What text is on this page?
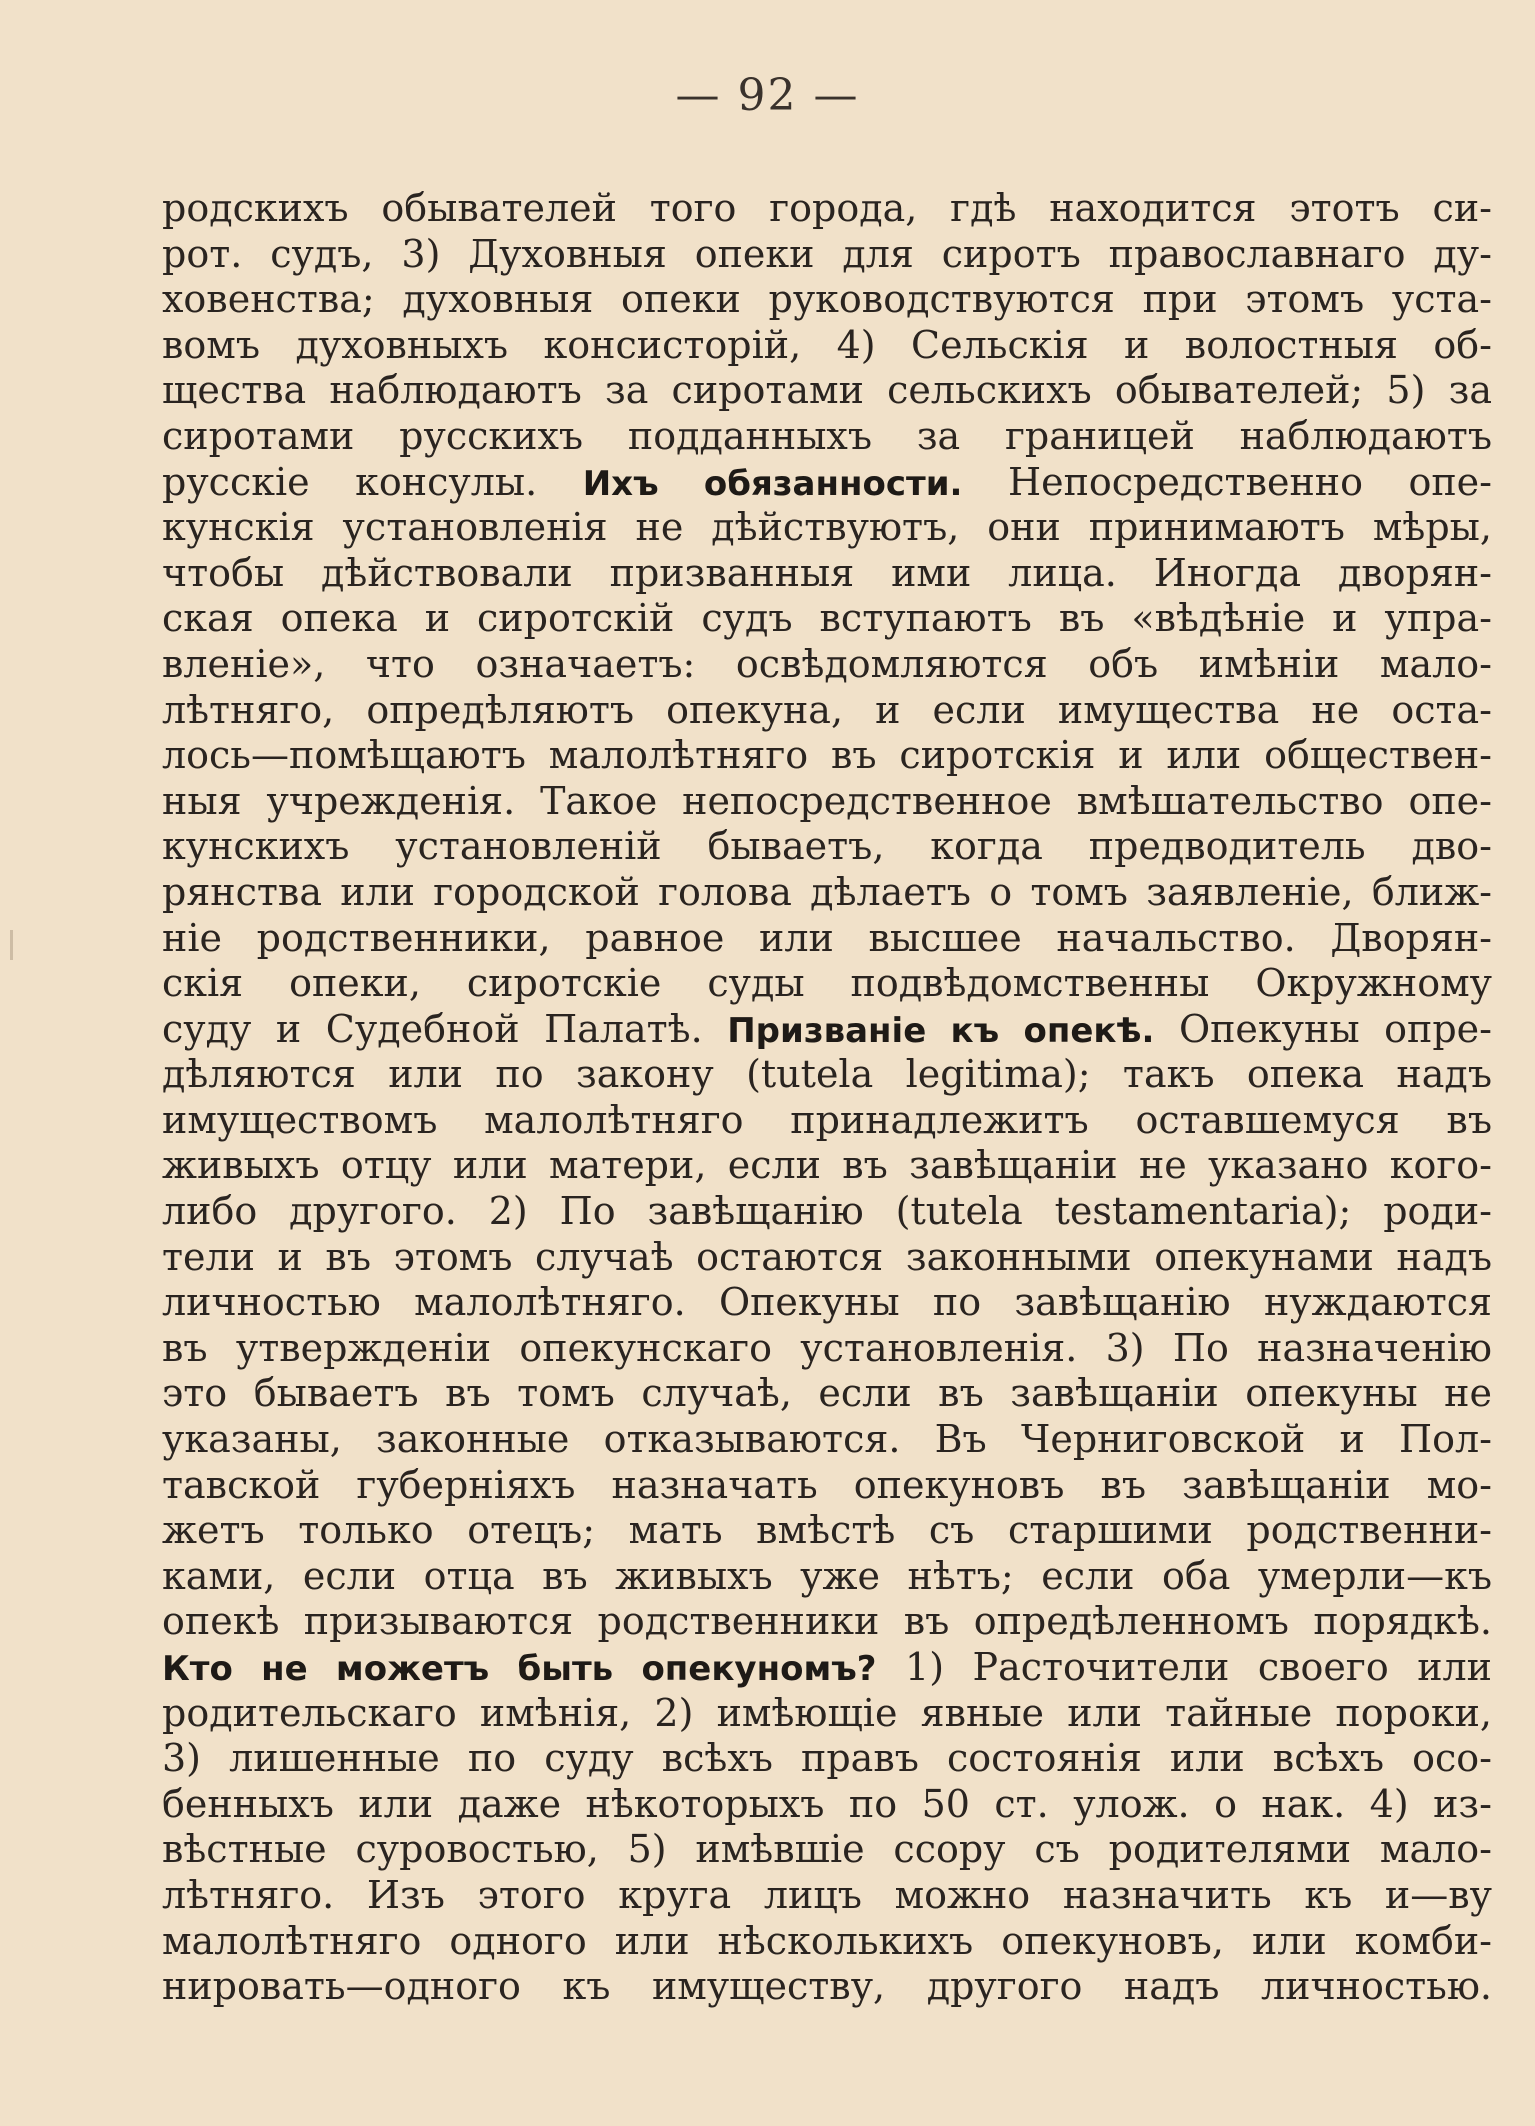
— 92 —
родскихъ обывателей того города, гдѣ находится этотъ си-
рот. судъ, 3) Духовныя опеки для сиротъ православнаго ду-
ховенства; духовныя опеки руководствуются при этомъ уста-
вомъ духовныхъ консисторій, 4) Сельскія и волостныя об-
щества наблюдаютъ за сиротами сельскихъ обывателей; 5) за
сиротами русскихъ подданныхъ за границей наблюдаютъ
русскіе консулы. Ихъ обязанности. Непосредственно опе-
кунскія установленія не дѣйствуютъ, они принимаютъ мѣры,
чтобы дѣйствовали призванныя ими лица. Иногда дворян-
ская опека и сиротскій судъ вступаютъ въ «вѣдѣніе и упра-
вленіе», что означаетъ: освѣдомляются объ имѣніи мало-
лѣтняго, опредѣляютъ опекуна, и если имущества не оста-
лось—помѣщаютъ малолѣтняго въ сиротскія и или обществен-
ныя учрежденія. Такое непосредственное вмѣшательство опе-
кунскихъ установленій бываетъ, когда предводитель дво-
рянства или городской голова дѣлаетъ о томъ заявленіе, ближ-
ніе родственники, равное или высшее начальство. Дворян-
скія опеки, сиротскіе суды подвѣдомственны Окружному
суду и Судебной Палатѣ. Призваніе къ опекѣ. Опекуны опре-
дѣляются или по закону (tutela legitima); такъ опека надъ
имуществомъ малолѣтняго принадлежитъ оставшемуся въ
живыхъ отцу или матери, если въ завѣщаніи не указано кого-
либо другого. 2) По завѣщанію (tutela testamentaria); роди-
тели и въ этомъ случаѣ остаются законными опекунами надъ
личностью малолѣтняго. Опекуны по завѣщанію нуждаются
въ утвержденіи опекунскаго установленія. 3) По назначенію
это бываетъ въ томъ случаѣ, если въ завѣщаніи опекуны не
указаны, законные отказываются. Въ Черниговской и Пол-
тавской губерніяхъ назначать опекуновъ въ завѣщаніи мо-
жетъ только отецъ; мать вмѣстѣ съ старшими родственни-
ками, если отца въ живыхъ уже нѣтъ; если оба умерли—къ
опекѣ призываются родственники въ опредѣленномъ порядкѣ.
Кто не можетъ быть опекуномъ? 1) Расточители своего или
родительскаго имѣнія, 2) имѣющіе явные или тайные пороки,
3) лишенные по суду всѣхъ правъ состоянія или всѣхъ осо-
бенныхъ или даже нѣкоторыхъ по 50 ст. улож. о нак. 4) из-
вѣстные суровостью, 5) имѣвшіе ссору съ родителями мало-
лѣтняго. Изъ этого круга лицъ можно назначить къ и—ву
малолѣтняго одного или нѣсколькихъ опекуновъ, или комби-
нировать—одного къ имуществу, другого надъ личностью.
